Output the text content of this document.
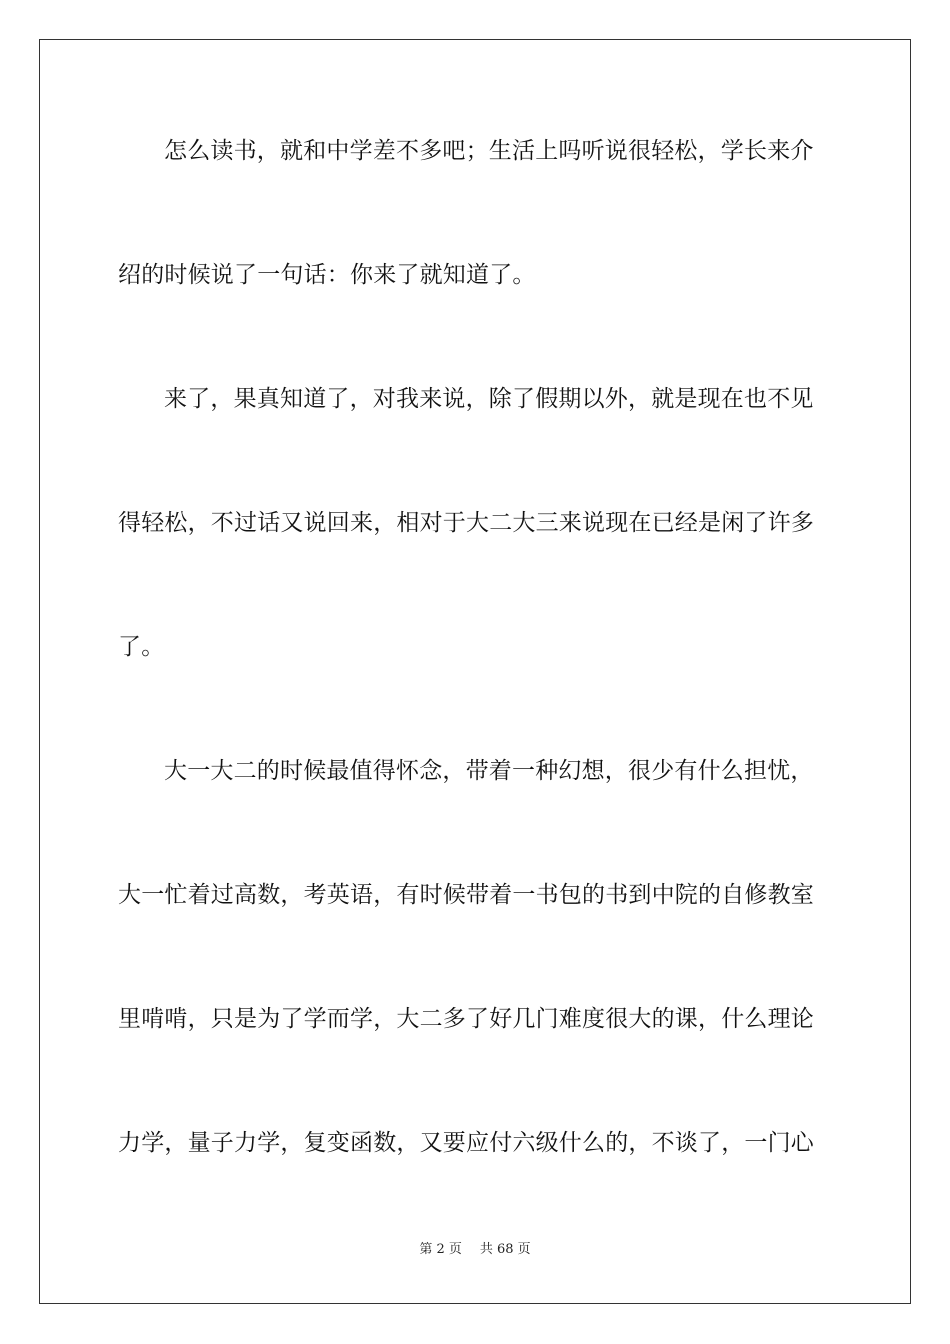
怎么读书，就和中学差不多吧；生活上吗听说很轻松，学长来介
绍的时候说了一句话：你来了就知道了。
来了，果真知道了，对我来说，除了假期以外，就是现在也不见
得轻松，不过话又说回来，相对于大二大三来说现在已经是闲了许多
了。
大一大二的时候最值得怀念，带着一种幻想，很少有什么担忧，
大一忙着过高数，考英语，有时候带着一书包的书到中院的自修教室
里啃啃，只是为了学而学，大二多了好几门难度很大的课，什么理论
力学，量子力学，复变函数，又要应付六级什么的，不谈了，一门心
第 2 页 共 68 页
